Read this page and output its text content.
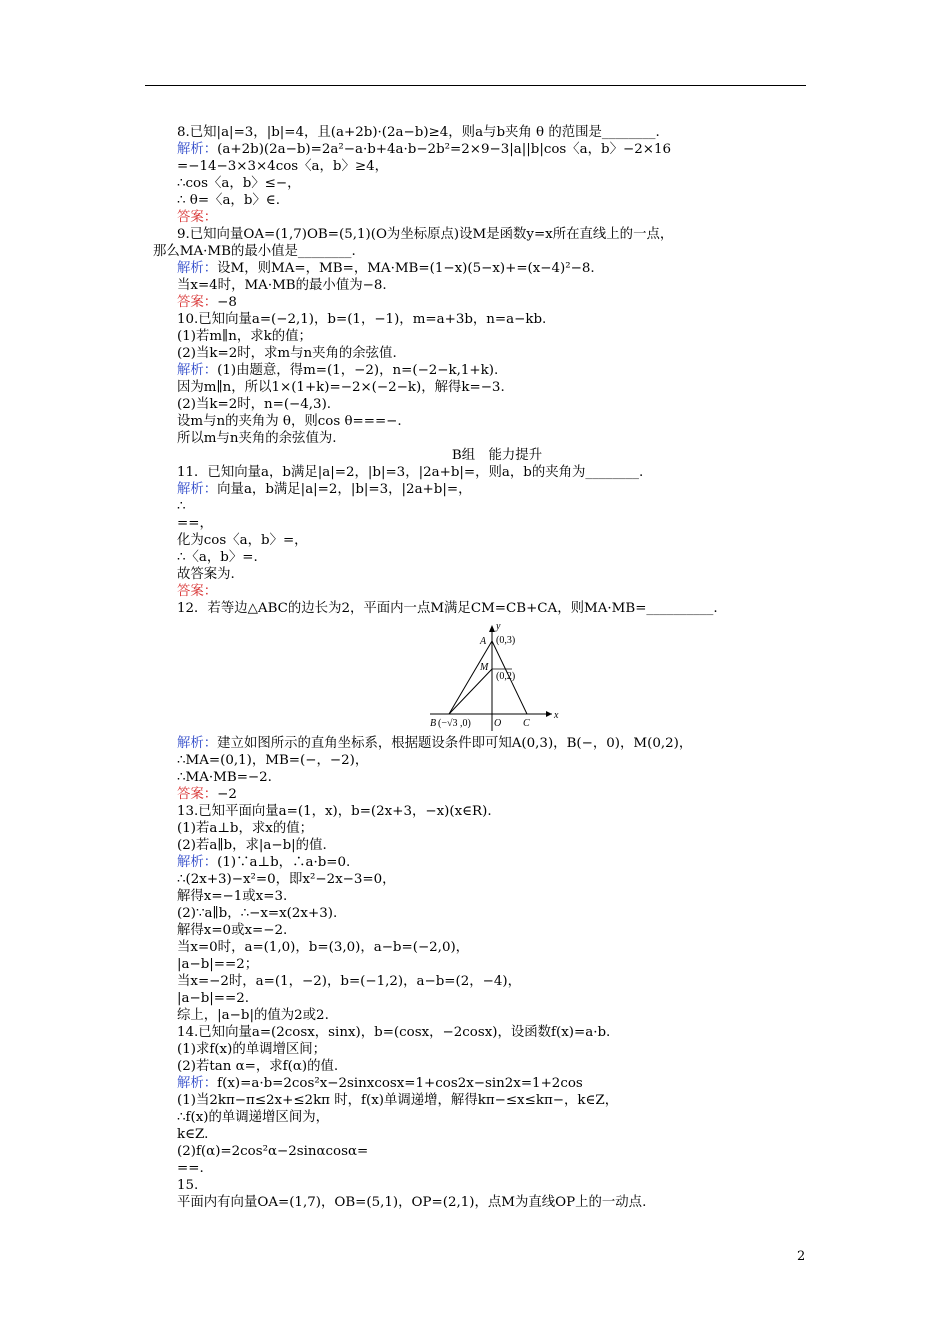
8.已知|a|=3，|b|=4，且(a+2b)·(2a−b)≥4，则a与b夹角 θ 的范围是________.
解析：(a+2b)(2a−b)=2a²−a·b+4a·b−2b²=2×9−3|a||b|cos〈a，b〉−2×16
=−14−3×3×4cos〈a，b〉≥4，
∴cos〈a，b〉≤−，
∴ θ=〈a，b〉∈.
答案：
9.已知向量OA=(1,7)OB=(5,1)(O为坐标原点)设M是函数y=x所在直线上的一点，
那么MA·MB的最小值是________.
解析：设M，则MA=，MB=，MA·MB=(1−x)(5−x)+=(x−4)²−8.
当x=4时，MA·MB的最小值为−8.
答案：−8
10.已知向量a=(−2,1)，b=(1，−1)，m=a+3b，n=a−kb.
(1)若m∥n，求k的值；
(2)当k=2时，求m与n夹角的余弦值.
解析：(1)由题意，得m=(1，−2)，n=(−2−k,1+k).
因为m∥n，所以1×(1+k)=−2×(−2−k)，解得k=−3.
(2)当k=2时，n=(−4,3).
设m与n的夹角为 θ，则cos θ===−.
所以m与n夹角的余弦值为.
B组　能力提升
11．已知向量a，b满足|a|=2，|b|=3，|2a+b|=，则a，b的夹角为________.
解析：向量a，b满足|a|=2，|b|=3，|2a+b|=，
∴
==，
化为cos〈a，b〉=，
∴〈a，b〉=.
故答案为.
答案：
12．若等边△ABC的边长为2，平面内一点M满足CM=CB+CA，则MA·MB=__________.
y
x
A (0,3)
M
(0,2)
B (−√3 ,0) O C
解析：建立如图所示的直角坐标系，根据题设条件即可知A(0,3)，B(−，0)，M(0,2)，
∴MA=(0,1)，MB=(−，−2)，
∴MA·MB=−2.
答案：−2
13.已知平面向量a=(1，x)，b=(2x+3，−x)(x∈R).
(1)若a⊥b，求x的值；
(2)若a∥b，求|a−b|的值.
解析：(1)∵a⊥b，∴a·b=0.
∴(2x+3)−x²=0，即x²−2x−3=0，
解得x=−1或x=3.
(2)∵a∥b，∴−x=x(2x+3).
解得x=0或x=−2.
当x=0时，a=(1,0)，b=(3,0)，a−b=(−2,0)，
|a−b|==2；
当x=−2时，a=(1，−2)，b=(−1,2)，a−b=(2，−4)，
|a−b|==2.
综上，|a−b|的值为2或2.
14.已知向量a=(2cosx，sinx)，b=(cosx，−2cosx)，设函数f(x)=a·b.
(1)求f(x)的单调增区间；
(2)若tan α=，求f(α)的值.
解析：f(x)=a·b=2cos²x−2sinxcosx=1+cos2x−sin2x=1+2cos
(1)当2kπ−π≤2x+≤2kπ 时，f(x)单调递增，解得kπ−≤x≤kπ−，k∈Z，
∴f(x)的单调递增区间为，
k∈Z.
(2)f(α)=2cos²α−2sinαcosα=
==.
15.
平面内有向量OA=(1,7)，OB=(5,1)，OP=(2,1)，点M为直线OP上的一动点.
2
